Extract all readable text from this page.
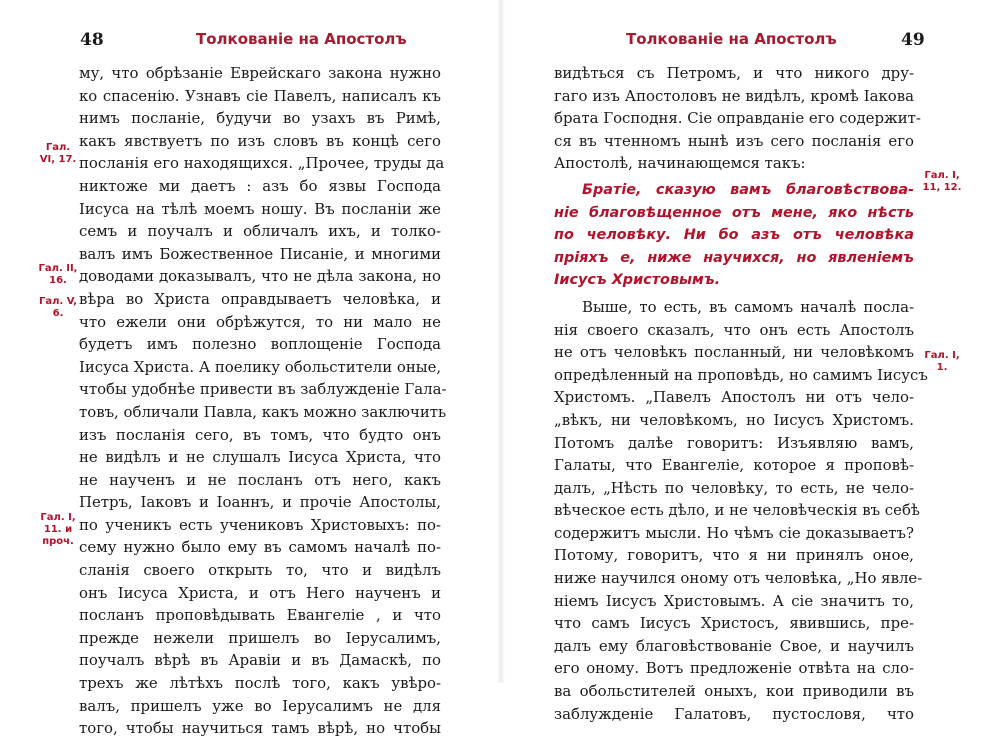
48	Толкованіе на Апостолъ
Гал. VI, 17.
Гал. II, 16.
Гал. V, 6.
Гал. I, 11. и проч.
му, что обрѣзаніе Еврейскагo закона нужно
ко спасенію. Узнавъ сіе Павелъ, написалъ къ
нимъ посланіе, будучи во узахъ въ Римѣ,
какъ явствуетъ по изъ словъ въ концѣ сего
посланія его находящихся. „Прочее, труды да
никтоже ми даетъ : азъ бо язвы Господа
Іисуса на тѣлѣ моемъ ношу. Въ посланіи же
семъ и поучалъ и обличалъ ихъ, и толко-
валъ имъ Божественное Писаніе, и многими
доводами доказывалъ, что не дѣла закона, но
вѣра во Христа оправдываетъ человѣка, и
что ежели они обрѣжутся, то ни мало не
будетъ имъ полезно воплощеніе Господа
Іисуса Христа. А поелику обольстители оные,
чтобы удобнѣе привести въ заблужденіе Гала-
товъ, обличали Павла, какъ можно заключить
изъ посланія сего, въ томъ, что будто онъ
не видѣлъ и не слушалъ Іисуса Христа, что
не наученъ и не посланъ отъ него, какъ
Петръ, Іаковъ и Іоаннъ, и прочіе Апостолы,
по ученикъ есть учениковъ Христовыхъ: по-
сему нужно было ему въ самомъ началѣ по-
сланія своего открыть то, что и видѣлъ
онъ Іисуса Христа, и отъ Него наученъ и
посланъ проповѣдывать Евангеліе , и что
прежде нежели пришелъ во Іерусалимъ,
поучалъ вѣрѣ въ Аравіи и въ Дамаскѣ, по
трехъ же лѣтѣхъ послѣ того, какъ увѣро-
валъ, пришелъ уже во Іерусалимъ не для
того, чтобы научиться тамъ вѣрѣ, но чтобы
49
Толкованіе на Апостолъ
Гал. I, 11, 12.
Гал. I, 1.
видѣться съ Петромъ, и что никого дру-
гаго изъ Апостоловъ не видѣлъ, кромѣ Іакова
брата Господня. Сіе оправданіе его содержит-
ся въ чтенномъ нынѣ изъ сего посланія его
Апостолѣ, начинающемся такъ:
Братіе, сказую вамъ благовѣствова-
ніе благовѣщенное отъ мене, яко нѣсть
по человѣку. Ни бо азъ отъ человѣка
пріяхъ е, ниже научихся, но явленіемъ
Іисусъ Христовымъ.
Выше, то есть, въ самомъ началѣ посла-
нія своего сказалъ, что онъ есть Апостолъ
не отъ человѣкъ посланный, ни человѣкомъ
опредѣленный на проповѣдь, но самимъ Іисусъ
Христомъ. „Павелъ Апостолъ ни отъ чело-
„вѣкъ, ни человѣкомъ, но Іисусъ Христомъ.
Потомъ далѣе говоритъ: Изъявляю вамъ,
Галаты, что Евангеліе, которое я проповѣ-
далъ, „Нѣсть по человѣку, то есть, не чело-
вѣческое есть дѣло, и не человѣческія въ себѣ
содержитъ мысли. Но чѣмъ сіе доказываетъ?
Потому, говоритъ, что я ни принялъ оное,
ниже научился оному отъ человѣка, „Но явле-
ніемъ Іисусъ Христовымъ. А сіе значитъ то,
что самъ Іисусъ Христосъ, явившись, пре-
далъ ему благовѣствованіе Свое, и научилъ
его оному. Вотъ предложеніе отвѣта на сло-
ва обольстителей оныхъ, кои приводили въ
заблужденіе Галатовъ, пустословя, что
